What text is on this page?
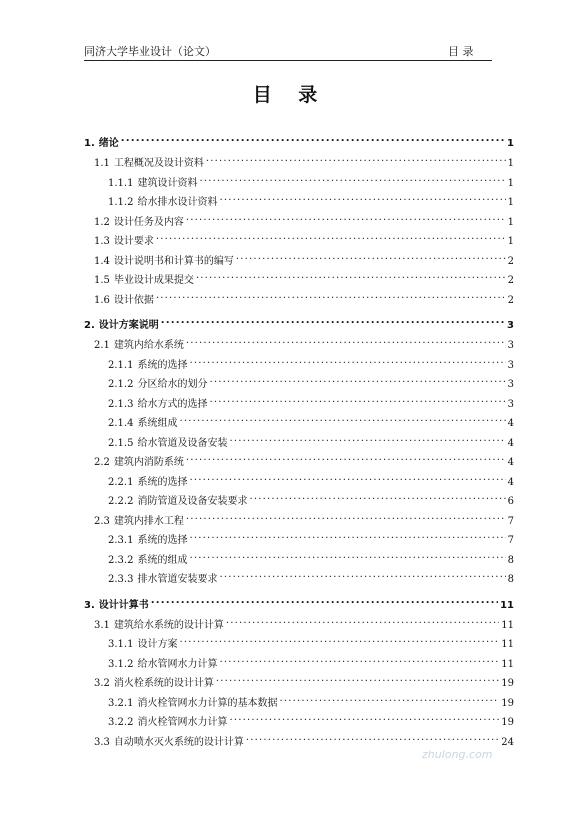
同济大学毕业设计（论文）	目 录
目 录
1. 绪论 .....	1
1.1 工程概况及设计资料 .....	1
1.1.1 建筑设计资料 .....	1
1.1.2 给水排水设计资料 .....	1
1.2 设计任务及内容 .....	1
1.3 设计要求 .....	1
1.4 设计说明书和计算书的编写 .....	2
1.5 毕业设计成果提交 .....	2
1.6 设计依据 .....	2
2. 设计方案说明 .....	3
2.1 建筑内给水系统 .....	3
2.1.1 系统的选择 .....	3
2.1.2 分区给水的划分 .....	3
2.1.3 给水方式的选择 .....	3
2.1.4 系统组成 .....	4
2.1.5 给水管道及设备安装 .....	4
2.2 建筑内消防系统 .....	4
2.2.1 系统的选择 .....	4
2.2.2 消防管道及设备安装要求 .....	6
2.3 建筑内排水工程 .....	7
2.3.1 系统的选择 .....	7
2.3.2 系统的组成 .....	8
2.3.3 排水管道安装要求 .....	8
3. 设计计算书 .....	11
3.1 建筑给水系统的设计计算 .....	11
3.1.1 设计方案 .....	11
3.1.2 给水管网水力计算 .....	11
3.2 消火栓系统的设计计算 .....	19
3.2.1 消火栓管网水力计算的基本数据 .....	19
3.2.2 消火栓管网水力计算 .....	19
3.3 自动喷水灭火系统的设计计算 .....	24
zhulong.com
